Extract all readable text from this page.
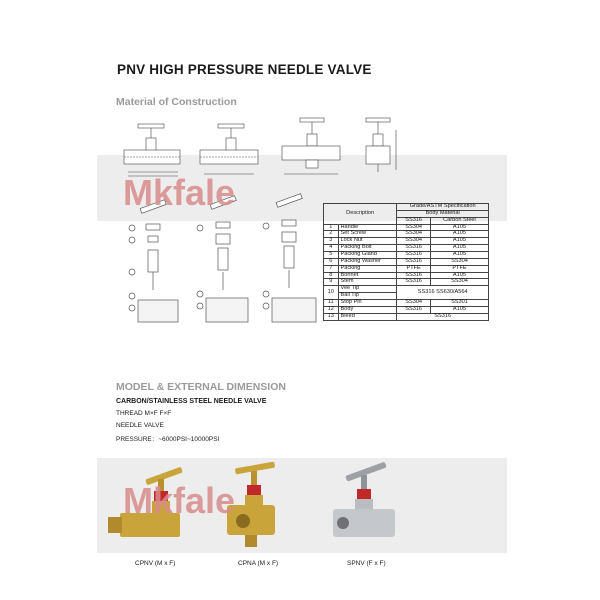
PNV HIGH PRESSURE NEEDLE VALVE
Material of Construction
Mkfale	Description		Grade/ASTM Specification	
		Body Material	
		SS316	Carbon Steel
1	Handle	SS304	A105
2	Set Screw	SS304	A105
3	Lock Nut	SS304	A105
4	Packing Bolt	SS316	A105
5	Packing Gland	SS316	A105
6	Packing Washer	SS316	SS304
7	Packing	PTFE	PTFE
8	Bonnet	SS316	A105
9	Stem	SS316	SS304
10	Vee Tip	SS316 SS630/A564	
	Ball Tip		
11	Stop Pin	SS304	SS301
12	Body	SS316	A105
13	Bleed	SS316	
MODEL & EXTERNAL DIMENSION
CARBON/STAINLESS STEEL NEEDLE VALVE
THREAD M×F F×F
NEEDLE VALVE
PRESSURE：~6000PSI~10000PSI
Mkfale
CPNV (M x F)	CPNA (M x F)	SPNV (F x F)
